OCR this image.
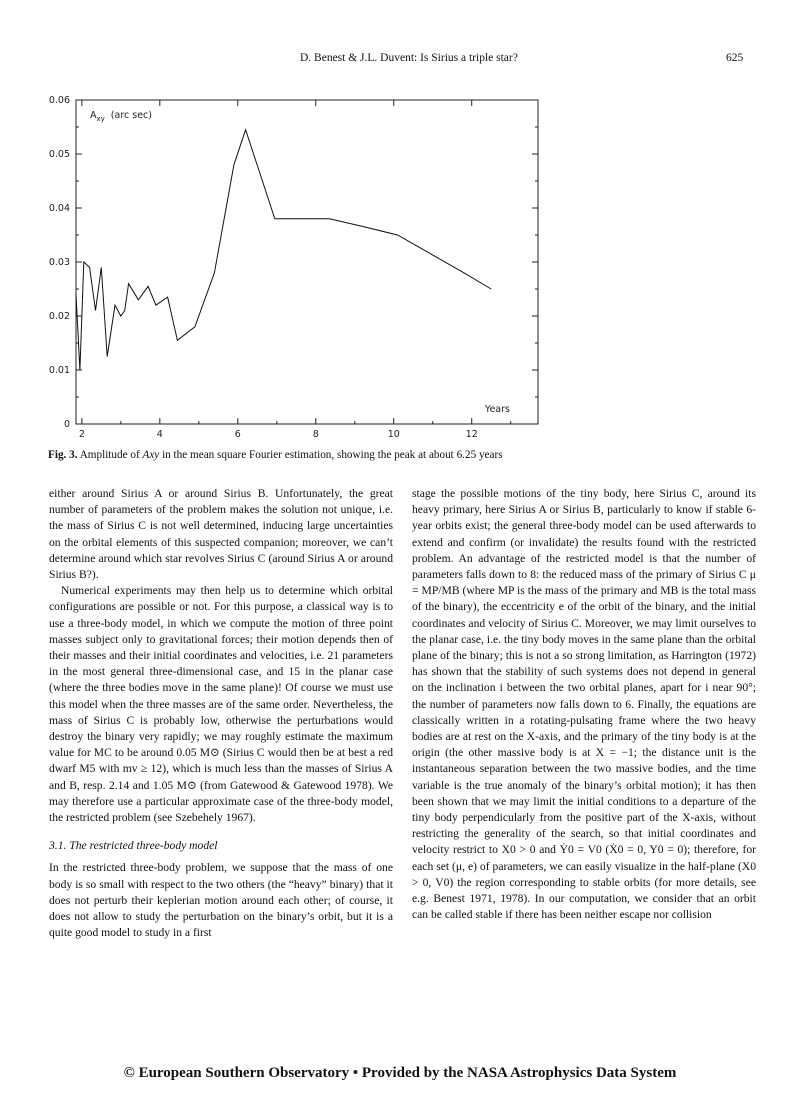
D. Benest & J.L. Duvent: Is Sirius a triple star?	625
2	4	6	8	10	12
0
0.01
0.02
0.03
0.04
0.05
0.06
$A_{xy}$ (arc sec)
Years
Fig. 3. Amplitude of Axy in the mean square Fourier estimation, showing the peak at about 6.25 years

either around Sirius A or around Sirius B. Unfortunately, the great number of parameters of the problem makes the solution not unique, i.e. the mass of Sirius C is not well determined, inducing large uncertainties on the orbital elements of this suspected companion; moreover, we can’t determine around which star revolves Sirius C (around Sirius A or around Sirius B?).

Numerical experiments may then help us to determine which orbital configurations are possible or not. For this purpose, a classical way is to use a three-body model, in which we compute the motion of three point masses subject only to gravitational forces; their motion depends then of their masses and their initial coordinates and velocities, i.e. 21 parameters in the most general three-dimensional case, and 15 in the planar case (where the three bodies move in the same plane)! Of course we must use this model when the three masses are of the same order. Nevertheless, the mass of Sirius C is probably low, otherwise the perturbations would destroy the binary very rapidly; we may roughly estimate the maximum value for MC to be around 0.05 M⊙ (Sirius C would then be at best a red dwarf M5 with mv ≥ 12), which is much less than the masses of Sirius A and B, resp. 2.14 and 1.05 M⊙ (from Gatewood & Gatewood 1978). We may therefore use a particular approximate case of the three-body model, the restricted problem (see Szebehely 1967).

3.1. The restricted three-body model

In the restricted three-body problem, we suppose that the mass of one body is so small with respect to the two others (the “heavy” binary) that it does not perturb their keplerian motion around each other; of course, it does not allow to study the perturbation on the binary’s orbit, but it is a quite good model to study in a first

stage the possible motions of the tiny body, here Sirius C, around its heavy primary, here Sirius A or Sirius B, particularly to know if stable 6-year orbits exist; the general three-body model can be used afterwards to extend and confirm (or invalidate) the results found with the restricted problem. An advantage of the restricted model is that the number of parameters falls down to 8: the reduced mass of the primary of Sirius C μ = MP/MB (where MP is the mass of the primary and MB is the total mass of the binary), the eccentricity e of the orbit of the binary, and the initial coordinates and velocity of Sirius C. Moreover, we may limit ourselves to the planar case, i.e. the tiny body moves in the same plane than the orbital plane of the binary; this is not a so strong limitation, as Harrington (1972) has shown that the stability of such systems does not depend in general on the inclination i between the two orbital planes, apart for i near 90°; the number of parameters now falls down to 6. Finally, the equations are classically written in a rotating-pulsating frame where the two heavy bodies are at rest on the X-axis, and the primary of the tiny body is at the origin (the other massive body is at X = −1; the distance unit is the instantaneous separation between the two massive bodies, and the time variable is the true anomaly of the binary’s orbital motion); it has then been shown that we may limit the initial conditions to a departure of the tiny body perpendicularly from the positive part of the X-axis, without restricting the generality of the search, so that initial coordinates and velocity restrict to X0 > 0 and Ẏ0 = V0 (Ẋ0 = 0, Y0 = 0); therefore, for each set (μ, e) of parameters, we can easily visualize in the half-plane (X0 > 0, V0) the region corresponding to stable orbits (for more details, see e.g. Benest 1971, 1978). In our computation, we consider that an orbit can be called stable if there has been neither escape nor collision

© European Southern Observatory • Provided by the NASA Astrophysics Data System
